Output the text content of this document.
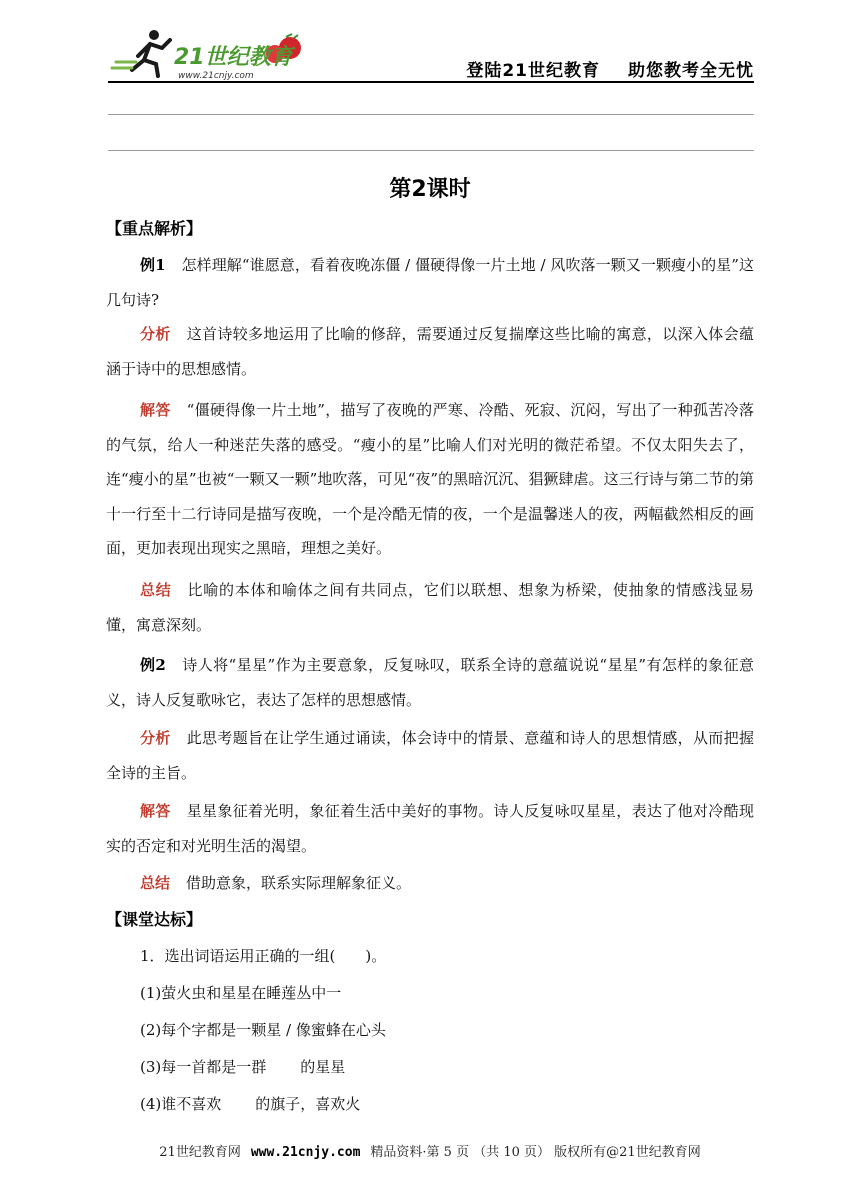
21世纪教育
www.21cnjy.com	登陆21世纪教育 助您教考全无忧
第2课时
【重点解析】
例1 怎样理解“谁愿意，看着夜晚冻僵 / 僵硬得像一片土地 / 风吹落一颗又一颗瘦小的星”这几句诗?
分析 这首诗较多地运用了比喻的修辞，需要通过反复揣摩这些比喻的寓意，以深入体会蕴涵于诗中的思想感情。
解答 “僵硬得像一片土地”，描写了夜晚的严寒、冷酷、死寂、沉闷，写出了一种孤苦冷落的气氛，给人一种迷茫失落的感受。“瘦小的星”比喻人们对光明的微茫希望。不仅太阳失去了，连“瘦小的星”也被“一颗又一颗”地吹落，可见“夜”的黑暗沉沉、猖獗肆虐。这三行诗与第二节的第十一行至十二行诗同是描写夜晚，一个是冷酷无情的夜，一个是温馨迷人的夜，两幅截然相反的画面，更加表现出现实之黑暗，理想之美好。
总结 比喻的本体和喻体之间有共同点，它们以联想、想象为桥梁，使抽象的情感浅显易懂，寓意深刻。
例2 诗人将“星星”作为主要意象，反复咏叹，联系全诗的意蕴说说“星星”有怎样的象征意义，诗人反复歌咏它，表达了怎样的思想感情。
分析 此思考题旨在让学生通过诵读，体会诗中的情景、意蕴和诗人的思想情感，从而把握全诗的主旨。
解答 星星象征着光明，象征着生活中美好的事物。诗人反复咏叹星星，表达了他对冷酷现实的否定和对光明生活的渴望。
总结 借助意象，联系实际理解象征义。
【课堂达标】
1．选出词语运用正确的一组(　　)。
(1)萤火虫和星星在睡莲丛中一
(2)每个字都是一颗星 / 像蜜蜂在心头
(3)每一首都是一群 的星星
(4)谁不喜欢 的旗子，喜欢火
21世纪教育网 www.21cnjy.com 精品资料·第 5 页 （共 10 页） 版权所有@21世纪教育网
